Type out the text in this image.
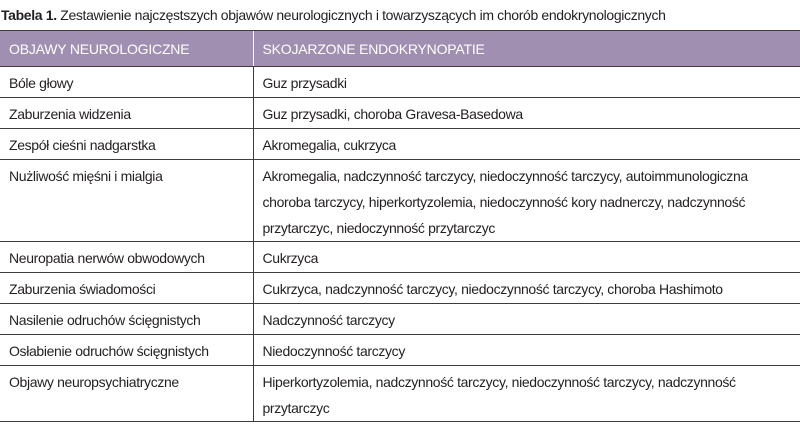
Tabela 1. Zestawienie najczęstszych objawów neurologicznych i towarzyszących im chorób endokrynologicznych
OBJAWY NEUROLOGICZNE	SKOJARZONE ENDOKRYNOPATIE
Bóle głowy	Guz przysadki
Zaburzenia widzenia	Guz przysadki, choroba Gravesa-Basedowa
Zespół cieśni nadgarstka	Akromegalia, cukrzyca
Nużliwość mięśni i mialgia	Akromegalia, nadczynność tarczycy, niedoczynność tarczycy, autoimmunologiczna choroba tarczycy, hiperkortyzolemia, niedoczynność kory nadnerczy, nadczynność przytarczyc, niedoczynność przytarczyc
Neuropatia nerwów obwodowych	Cukrzyca
Zaburzenia świadomości	Cukrzyca, nadczynność tarczycy, niedoczynność tarczycy, choroba Hashimoto
Nasilenie odruchów ścięgnistych	Nadczynność tarczycy
Osłabienie odruchów ścięgnistych	Niedoczynność tarczycy
Objawy neuropsychiatryczne	Hiperkortyzolemia, nadczynność tarczycy, niedoczynność tarczycy, nadczynność przytarczyc
